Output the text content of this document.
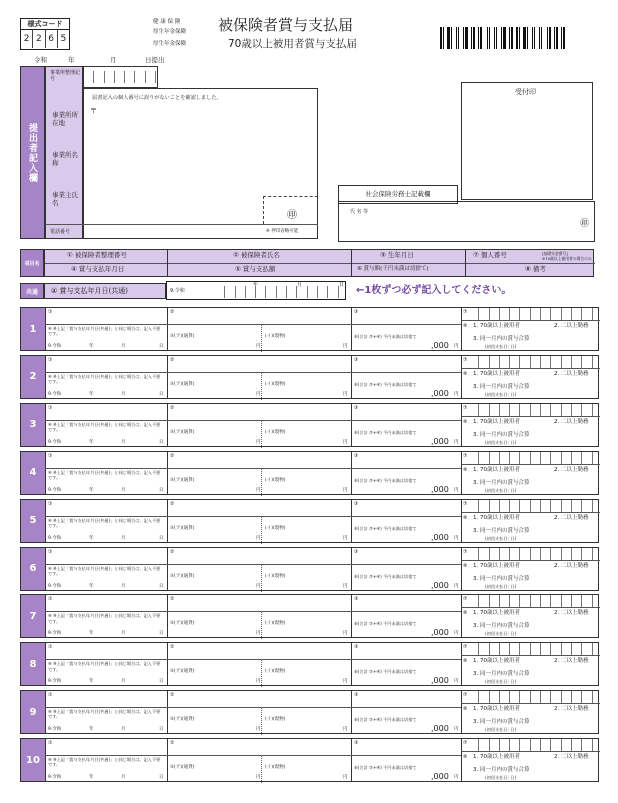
様式コード
2 2 6 5
健 康 保 険
厚生年金保険
厚生年金保険
被保険者賞与支払届
70歳以上被用者賞与支払届
令和	年	月	日提出
提出者記入欄
事業所整理記号
届書記入の個人番号に誤りがないことを確認しました。
〒
事業所所在地
事業所名称
事業主氏名
電話番号
㊞
※ 押印省略可能
受付印
社会保険労務士記載欄
氏 名 等
㊞
項目名
① 被保険者整理番号	② 被保険者氏名	③ 生年月日	⑦ 個人番号	[基礎年金番号]
※70歳以上被用者の場合のみ
④ 賞与支払年月日	⑤ 賞与支払額	⑥ 賞与額(千円未満は切捨て)	⑧ 備考
共通	④ 賞与支払年月日(共通)	9.令和
年	月	日 ←1枚ずつ必ず記入してください。
1
①	②	③	⑦
④ ※上記「賞与支払年月日(共通)」と同じ場合は、記入不要です。
9.令和	年	月	日
⑤(ア)(通貨)
円
(イ)(現物)
円
⑥(合計 ⑦+④) 千円未満は切捨て
,000 円
⑧ 1. 70歳以上被用者	2. 二以上勤務
3. 同一月内の賞与合算
(初回支払日: 日)
2
①	②	③	⑦
④ ※上記「賞与支払年月日(共通)」と同じ場合は、記入不要です。
9.令和	年	月	日
⑤(ア)(通貨)
円
(イ)(現物)
円
⑥(合計 ⑦+④) 千円未満は切捨て
,000 円
⑧ 1. 70歳以上被用者	2. 二以上勤務
3. 同一月内の賞与合算
(初回支払日: 日)
3
①	②	③	⑦
④ ※上記「賞与支払年月日(共通)」と同じ場合は、記入不要です。
9.令和	年	月	日
⑤(ア)(通貨)
円
(イ)(現物)
円
⑥(合計 ⑦+④) 千円未満は切捨て
,000 円
⑧ 1. 70歳以上被用者	2. 二以上勤務
3. 同一月内の賞与合算
(初回支払日: 日)
4
①	②	③	⑦
④ ※上記「賞与支払年月日(共通)」と同じ場合は、記入不要です。
9.令和	年	月	日
⑤(ア)(通貨)
円
(イ)(現物)
円
⑥(合計 ⑦+④) 千円未満は切捨て
,000 円
⑧ 1. 70歳以上被用者	2. 二以上勤務
3. 同一月内の賞与合算
(初回支払日: 日)
5
①	②	③	⑦
④ ※上記「賞与支払年月日(共通)」と同じ場合は、記入不要です。
9.令和	年	月	日
⑤(ア)(通貨)
円
(イ)(現物)
円
⑥(合計 ⑦+④) 千円未満は切捨て
,000 円
⑧ 1. 70歳以上被用者	2. 二以上勤務
3. 同一月内の賞与合算
(初回支払日: 日)
6
①	②	③	⑦
④ ※上記「賞与支払年月日(共通)」と同じ場合は、記入不要です。
9.令和	年	月	日
⑤(ア)(通貨)
円
(イ)(現物)
円
⑥(合計 ⑦+④) 千円未満は切捨て
,000 円
⑧ 1. 70歳以上被用者	2. 二以上勤務
3. 同一月内の賞与合算
(初回支払日: 日)
7
①	②	③	⑦
④ ※上記「賞与支払年月日(共通)」と同じ場合は、記入不要です。
9.令和	年	月	日
⑤(ア)(通貨)
円
(イ)(現物)
円
⑥(合計 ⑦+④) 千円未満は切捨て
,000 円
⑧ 1. 70歳以上被用者	2. 二以上勤務
3. 同一月内の賞与合算
(初回支払日: 日)
8
①	②	③	⑦
④ ※上記「賞与支払年月日(共通)」と同じ場合は、記入不要です。
9.令和	年	月	日
⑤(ア)(通貨)
円
(イ)(現物)
円
⑥(合計 ⑦+④) 千円未満は切捨て
,000 円
⑧ 1. 70歳以上被用者	2. 二以上勤務
3. 同一月内の賞与合算
(初回支払日: 日)
9
①	②	③	⑦
④ ※上記「賞与支払年月日(共通)」と同じ場合は、記入不要です。
9.令和	年	月	日
⑤(ア)(通貨)
円
(イ)(現物)
円
⑥(合計 ⑦+④) 千円未満は切捨て
,000 円
⑧ 1. 70歳以上被用者	2. 二以上勤務
3. 同一月内の賞与合算
(初回支払日: 日)
10
①	②	③	⑦
④ ※上記「賞与支払年月日(共通)」と同じ場合は、記入不要です。
9.令和	年	月	日
⑤(ア)(通貨)
円
(イ)(現物)
円
⑥(合計 ⑦+④) 千円未満は切捨て
,000 円
⑧ 1. 70歳以上被用者	2. 二以上勤務
3. 同一月内の賞与合算
(初回支払日: 日)
